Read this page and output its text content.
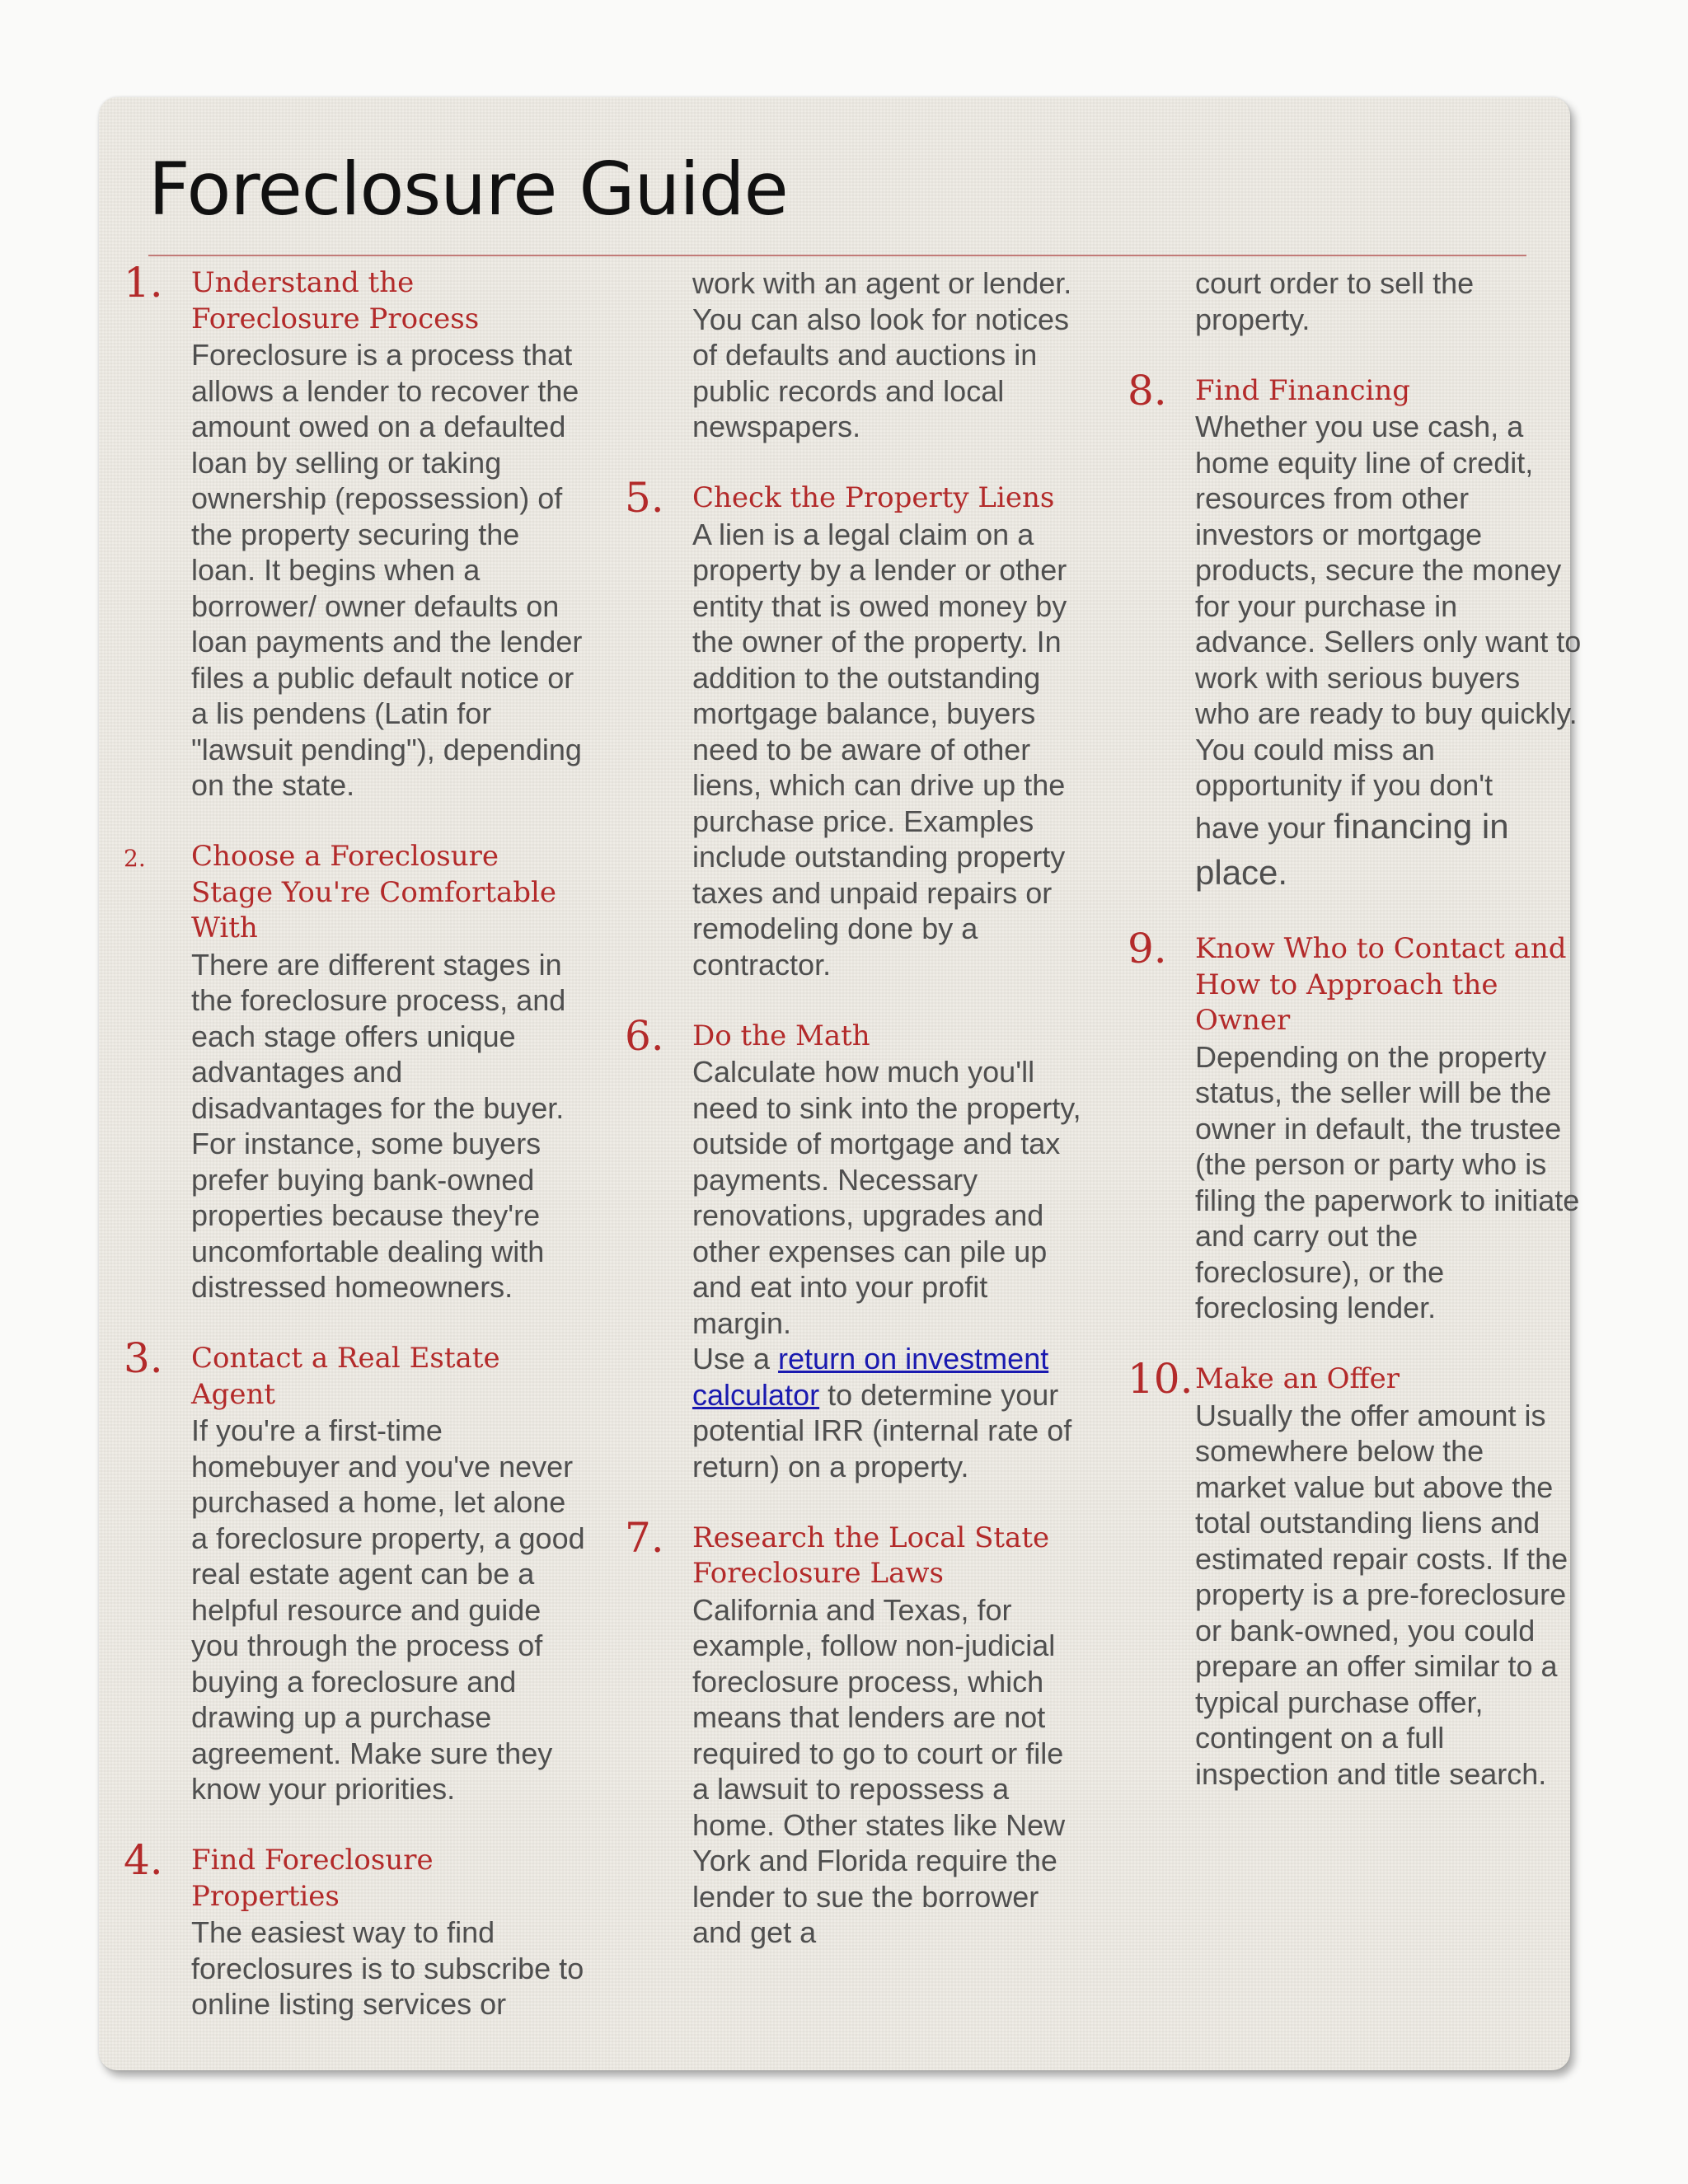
Foreclosure Guide
1. Understand the Foreclosure Process
Foreclosure is a process that allows a lender to recover the amount owed on a defaulted loan by selling or taking ownership (repossession) of the property securing the loan. It begins when a borrower/ owner defaults on loan payments and the lender files a public default notice or a lis pendens (Latin for "lawsuit pending"), depending on the state.
2. Choose a Foreclosure Stage You're Comfortable With
There are different stages in the foreclosure process, and each stage offers unique advantages and disadvantages for the buyer. For instance, some buyers prefer buying bank-owned properties because they're uncomfortable dealing with distressed homeowners.
3. Contact a Real Estate Agent
If you're a first-time homebuyer and you've never purchased a home, let alone a foreclosure property, a good real estate agent can be a helpful resource and guide you through the process of buying a foreclosure and drawing up a purchase agreement. Make sure they know your priorities.
4. Find Foreclosure Properties
The easiest way to find foreclosures is to subscribe to online listing services or
work with an agent or lender. You can also look for notices of defaults and auctions in public records and local newspapers.
5. Check the Property Liens
A lien is a legal claim on a property by a lender or other entity that is owed money by the owner of the property. In addition to the outstanding mortgage balance, buyers need to be aware of other liens, which can drive up the purchase price. Examples include outstanding property taxes and unpaid repairs or remodeling done by a contractor.
6. Do the Math
Calculate how much you'll need to sink into the property, outside of mortgage and tax payments. Necessary renovations, upgrades and other expenses can pile up and eat into your profit margin.
Use a return on investment calculator to determine your potential IRR (internal rate of return) on a property.
7. Research the Local State Foreclosure Laws
California and Texas, for example, follow non-judicial foreclosure process, which means that lenders are not required to go to court or file a lawsuit to repossess a home. Other states like New York and Florida require the lender to sue the borrower and get a
court order to sell the property.
8. Find Financing
Whether you use cash, a home equity line of credit, resources from other investors or mortgage products, secure the money for your purchase in advance. Sellers only want to work with serious buyers who are ready to buy quickly. You could miss an opportunity if you don't
have your financing in place.
9. Know Who to Contact and How to Approach the Owner
Depending on the property status, the seller will be the owner in default, the trustee (the person or party who is filing the paperwork to initiate and carry out the foreclosure), or the foreclosing lender.
10. Make an Offer
Usually the offer amount is somewhere below the market value but above the total outstanding liens and estimated repair costs. If the property is a pre-foreclosure or bank-owned, you could prepare an offer similar to a typical purchase offer, contingent on a full inspection and title search.
